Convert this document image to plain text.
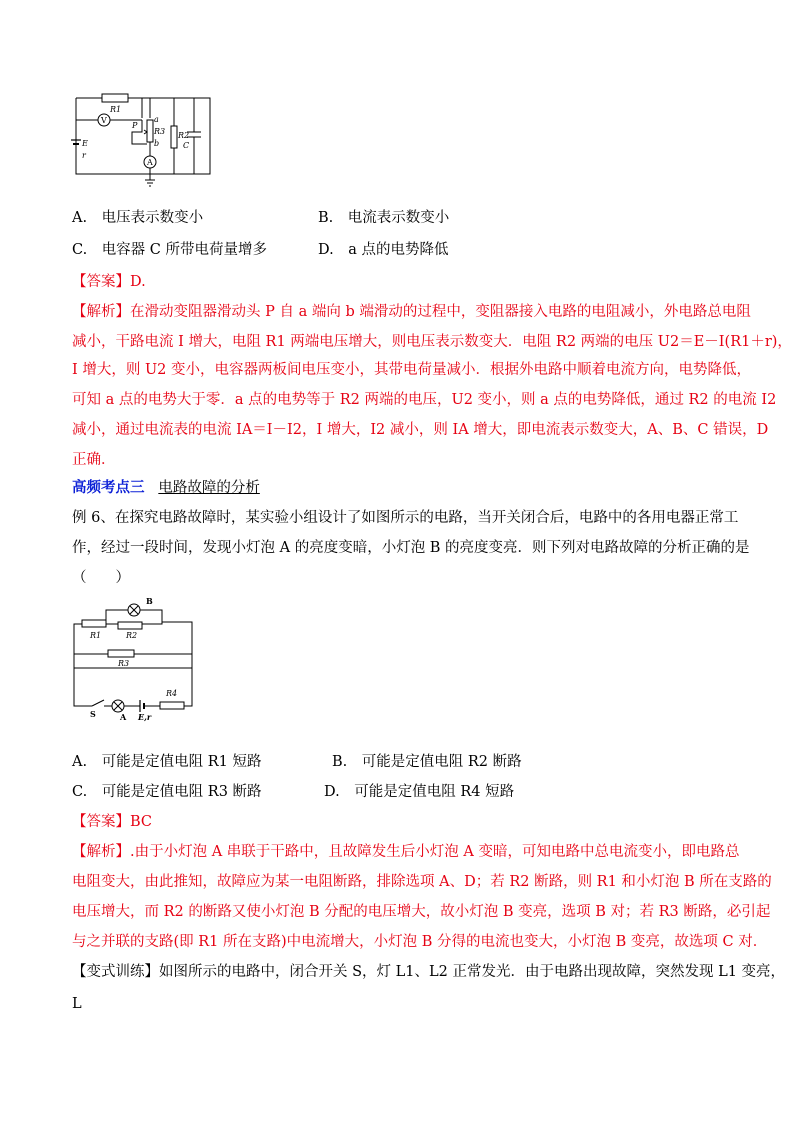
R1
P
a
R3
b
R2
C
E
r
V
A
A.　 电压表示数变小	B.　 电流表示数变小
C.　 电容器 C 所带电荷量增多	D.　 a 点的电势降低
【答案】D.
【解析】在滑动变阻器滑动头 P 自 a 端向 b 端滑动的过程中，变阻器接入电路的电阻减小，外电路总电阻
减小，干路电流 I 增大，电阻 R1 两端电压增大，则电压表示数变大．电阻 R2 两端的电压 U2＝E－I(R1＋r)，
I 增大，则 U2 变小，电容器两板间电压变小，其带电荷量减小．根据外电路中顺着电流方向，电势降低，
可知 a 点的电势大于零．a 点的电势等于 R2 两端的电压，U2 变小，则 a 点的电势降低，通过 R2 的电流 I2
减小，通过电流表的电流 IA＝I－I2，I 增大，I2 减小，则 IA 增大，即电流表示数变大，A、B、C 错误，D
正确．
高频考点三 电路故障的分析
例 6、在探究电路故障时，某实验小组设计了如图所示的电路，当开关闭合后，电路中的各用电器正常工
作，经过一段时间，发现小灯泡 A 的亮度变暗，小灯泡 B 的亮度变亮．则下列对电路故障的分析正确的是
（　　）
B
R1	R2
R3
R4
S	A E,r
A.　 可能是定值电阻 R1 短路	B.　 可能是定值电阻 R2 断路
C.　 可能是定值电阻 R3 断路	D.　 可能是定值电阻 R4 短路
【答案】BC
【解析】.由于小灯泡 A 串联于干路中，且故障发生后小灯泡 A 变暗，可知电路中总电流变小，即电路总
电阻变大，由此推知，故障应为某一电阻断路，排除选项 A、D；若 R2 断路，则 R1 和小灯泡 B 所在支路的
电压增大，而 R2 的断路又使小灯泡 B 分配的电压增大，故小灯泡 B 变亮，选项 B 对；若 R3 断路，必引起
与之并联的支路(即 R1 所在支路)中电流增大，小灯泡 B 分得的电流也变大，小灯泡 B 变亮，故选项 C 对．
【变式训练】如图所示的电路中，闭合开关 S，灯 L1、L2 正常发光．由于电路出现故障，突然发现 L1 变亮，
L
